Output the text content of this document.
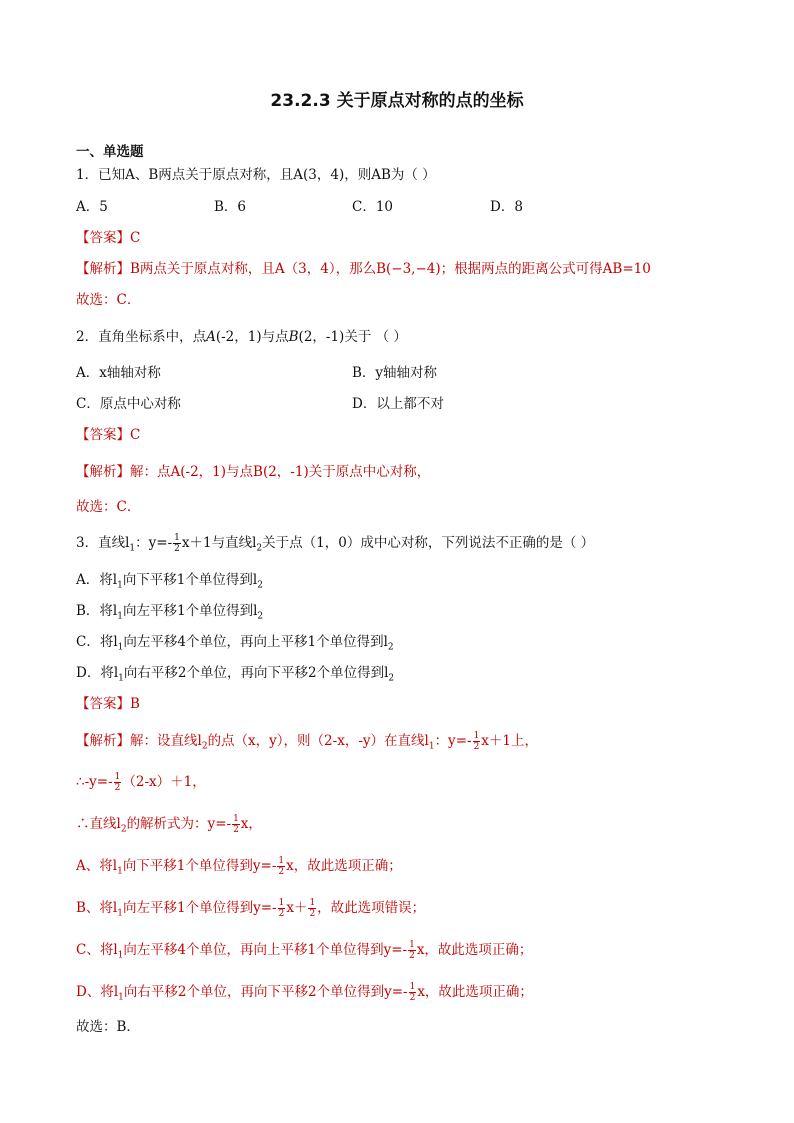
23.2.3 关于原点对称的点的坐标
一、单选题
1．已知A、B两点关于原点对称，且A(3，4)，则AB为（ ）
A．5	B．6	C．10	D．8
【答案】C
【解析】B两点关于原点对称，且A（3，4），那么B(−3,−4)；根据两点的距离公式可得AB=10
故选：C．
2．直角坐标系中，点A(-2，1)与点B(2，-1)关于 （ ）
A．x轴轴对称	B．y轴轴对称
C．原点中心对称	D．以上都不对
【答案】C
【解析】解：点A(-2，1)与点B(2，-1)关于原点中心对称，
故选：C．
3．直线$l_1$：$y=- \frac{1}{2} x+1$与直线$l_2$关于点（1，0）成中心对称，下列说法不正确的是（ ）
A．将$l_1$向下平移1个单位得到$l_2$
B．将$l_1$向左平移1个单位得到$l_2$
C．将$l_1$向左平移4个单位，再向上平移1个单位得到$l_2$
D．将$l_1$向右平移2个单位，再向下平移2个单位得到$l_2$
【答案】B
【解析】解：设直线$l_2$的点（x，y），则（2-x，-y）在直线$l_1$：$y=- \frac{1}{2} x+1$上，
∴-y=- $\frac{1}{2} (2-x)+1$，
∴直线$l_2$的解析式为：$y=- \frac{1}{2}$ x，
A、将$l_1$向下平移1个单位得到$y=- \frac{1}{2}$ x，故此选项正确；
B、将$l_1$向左平移1个单位得到$y=- \frac{1}{2} x+ \frac{1}{2}$ ，故此选项错误；
C、将$l_1$向左平移4个单位，再向上平移1个单位得到$y=- \frac{1}{2}$ x，故此选项正确；
D、将$l_1$向右平移2个单位，再向下平移2个单位得到$y=- \frac{1}{2}$ x，故此选项正确；
故选：B．
